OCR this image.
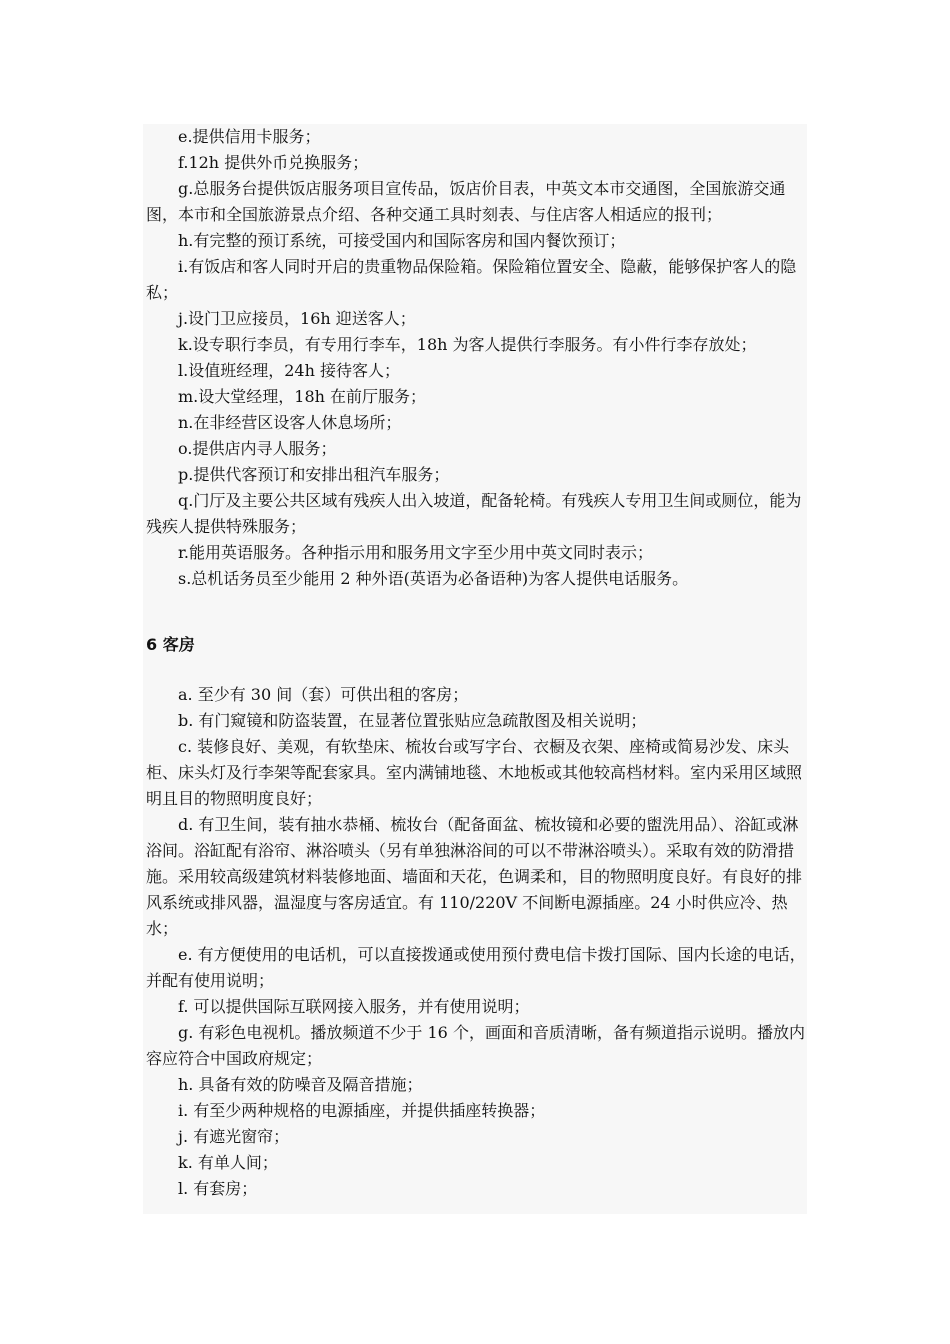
e.提供信用卡服务；

f.12h 提供外币兑换服务；

g.总服务台提供饭店服务项目宣传品，饭店价目表，中英文本市交通图，全国旅游交通图，本市和全国旅游景点介绍、各种交通工具时刻表、与住店客人相适应的报刊；

h.有完整的预订系统，可接受国内和国际客房和国内餐饮预订；

i.有饭店和客人同时开启的贵重物品保险箱。保险箱位置安全、隐蔽，能够保护客人的隐私；

j.设门卫应接员，16h 迎送客人；

k.设专职行李员，有专用行李车，18h 为客人提供行李服务。有小件行李存放处；

l.设值班经理，24h 接待客人；

m.设大堂经理，18h 在前厅服务；

n.在非经营区设客人休息场所；

o.提供店内寻人服务；

p.提供代客预订和安排出租汽车服务；

q.门厅及主要公共区域有残疾人出入坡道，配备轮椅。有残疾人专用卫生间或厕位，能为残疾人提供特殊服务；

r.能用英语服务。各种指示用和服务用文字至少用中英文同时表示；

s.总机话务员至少能用 2 种外语(英语为必备语种)为客人提供电话服务。

6 客房

a. 至少有 30 间（套）可供出租的客房；

b. 有门窥镜和防盗装置，在显著位置张贴应急疏散图及相关说明；

c. 装修良好、美观，有软垫床、梳妆台或写字台、衣橱及衣架、座椅或简易沙发、床头柜、床头灯及行李架等配套家具。室内满铺地毯、木地板或其他较高档材料。室内采用区域照明且目的物照明度良好；

d. 有卫生间，装有抽水恭桶、梳妆台（配备面盆、梳妆镜和必要的盥洗用品）、浴缸或淋浴间。浴缸配有浴帘、淋浴喷头（另有单独淋浴间的可以不带淋浴喷头）。采取有效的防滑措施。采用较高级建筑材料装修地面、墙面和天花，色调柔和，目的物照明度良好。有良好的排风系统或排风器，温湿度与客房适宜。有 110/220V 不间断电源插座。24 小时供应冷、热水；

e. 有方便使用的电话机，可以直接拨通或使用预付费电信卡拨打国际、国内长途的电话，并配有使用说明；

f. 可以提供国际互联网接入服务，并有使用说明；

g. 有彩色电视机。播放频道不少于 16 个，画面和音质清晰，备有频道指示说明。播放内容应符合中国政府规定；

h. 具备有效的防噪音及隔音措施；

i. 有至少两种规格的电源插座，并提供插座转换器；

j. 有遮光窗帘；

k. 有单人间；

l. 有套房；
